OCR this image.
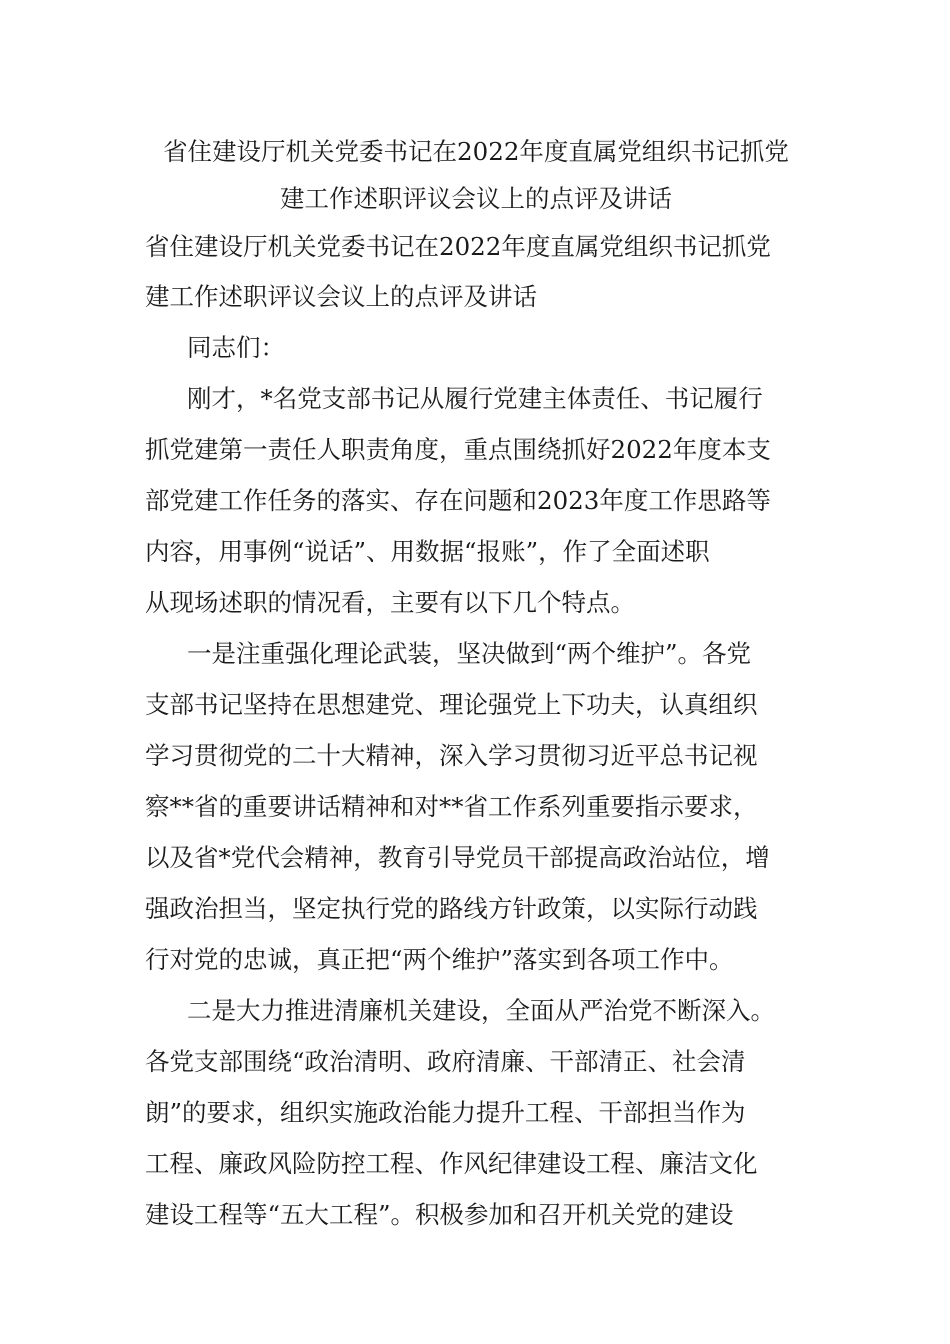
省住建设厅机关党委书记在2022年度直属党组织书记抓党
建工作述职评议会议上的点评及讲话

省住建设厅机关党委书记在2022年度直属党组织书记抓党

建工作述职评议会议上的点评及讲话

同志们：

刚才，*名党支部书记从履行党建主体责任、书记履行

抓党建第一责任人职责角度，重点围绕抓好2022年度本支

部党建工作任务的落实、存在问题和2023年度工作思路等

内容，用事例“说话”、用数据“报账”，作了全面述职

从现场述职的情况看，主要有以下几个特点。

一是注重强化理论武装，坚决做到“两个维护”。各党

支部书记坚持在思想建党、理论强党上下功夫，认真组织

学习贯彻党的二十大精神，深入学习贯彻习近平总书记视

察**省的重要讲话精神和对**省工作系列重要指示要求，

以及省*党代会精神，教育引导党员干部提高政治站位，增

强政治担当，坚定执行党的路线方针政策，以实际行动践

行对党的忠诚，真正把“两个维护”落实到各项工作中。

二是大力推进清廉机关建设，全面从严治党不断深入。

各党支部围绕“政治清明、政府清廉、干部清正、社会清

朗”的要求，组织实施政治能力提升工程、干部担当作为

工程、廉政风险防控工程、作风纪律建设工程、廉洁文化

建设工程等“五大工程”。积极参加和召开机关党的建设
